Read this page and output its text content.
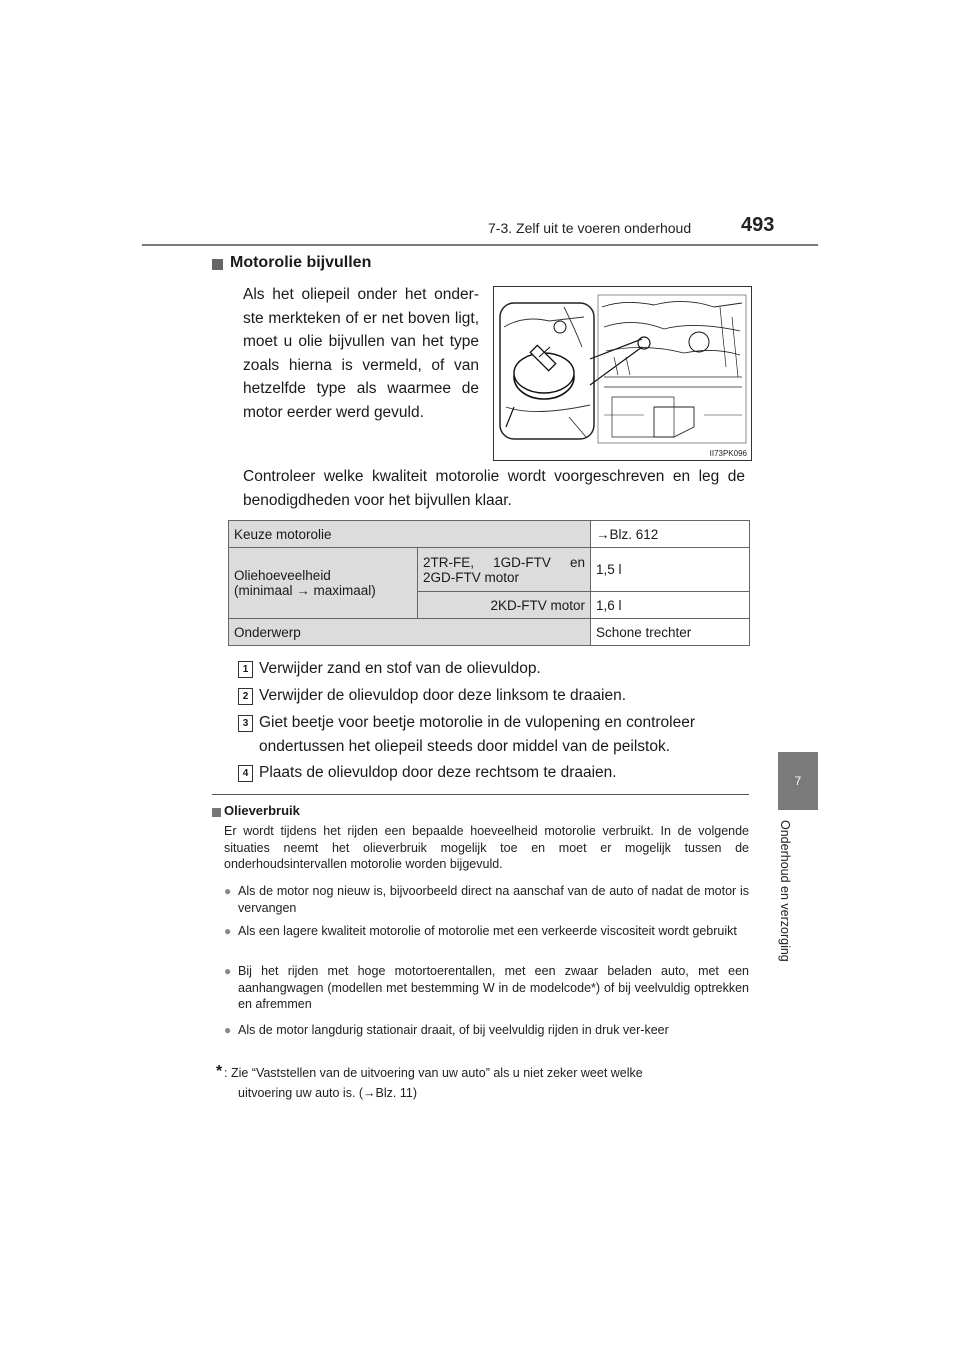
7-3. Zelf uit te voeren onderhoud 493
7
Onderhoud en verzorging
Motorolie bijvullen
Als het oliepeil onder het onder-ste merkteken of er net boven ligt, moet u olie bijvullen van het type zoals hierna is vermeld, of van hetzelfde type als waarmee de motor eerder werd gevuld.
II73PK096
Controleer welke kwaliteit motorolie wordt voorgeschreven en leg de benodigdheden voor het bijvullen klaar.
Keuze motorolie		→Blz. 612
Oliehoeveelheid
(minimaal → maximaal)	2TR-FE, 1GD-FTV en 2GD-FTV motor	1,5 l
	2KD-FTV motor	1,6 l
Onderwerp		Schone trechter
1 Verwijder zand en stof van de olievuldop.
2 Verwijder de olievuldop door deze linksom te draaien.
3 Giet beetje voor beetje motorolie in de vulopening en controleer ondertussen het oliepeil steeds door middel van de peilstok.
4 Plaats de olievuldop door deze rechtsom te draaien.
Olieverbruik
Er wordt tijdens het rijden een bepaalde hoeveelheid motorolie verbruikt. In de volgende situaties neemt het olieverbruik mogelijk toe en moet er mogelijk tussen de onderhoudsintervallen motorolie worden bijgevuld.
● Als de motor nog nieuw is, bijvoorbeeld direct na aanschaf van de auto of nadat de motor is vervangen
● Als een lagere kwaliteit motorolie of motorolie met een verkeerde viscositeit wordt gebruikt
● Bij het rijden met hoge motortoerentallen, met een zwaar beladen auto, met een aanhangwagen (modellen met bestemming W in de modelcode*) of bij veelvuldig optrekken en afremmen
● Als de motor langdurig stationair draait, of bij veelvuldig rijden in druk ver-keer
* : Zie “Vaststellen van de uitvoering van uw auto” als u niet zeker weet welke
uitvoering uw auto is. (→Blz. 11)
